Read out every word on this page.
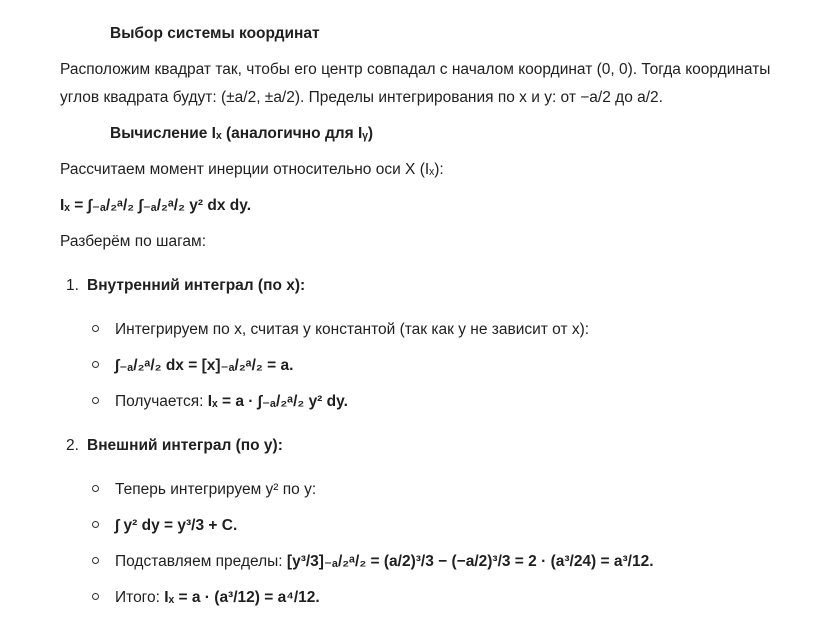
Выбор системы координат
Расположим квадрат так, чтобы его центр совпадал с началом координат (0, 0). Тогда координаты
углов квадрата будут: (±a/2, ±a/2). Пределы интегрирования по x и y: от −a/2 до a/2.
Вычисление Iₓ (аналогично для Iᵧ)
Рассчитаем момент инерции относительно оси X (Iₓ):
Iₓ = ∫₋ₐ/₂ᵃ/₂ ∫₋ₐ/₂ᵃ/₂ y² dx dy.
Разберём по шагам:
1. Внутренний интеграл (по x):
Интегрируем по x, считая y константой (так как y не зависит от x):
∫₋ₐ/₂ᵃ/₂ dx = [x]₋ₐ/₂ᵃ/₂ = a.
Получается: Iₓ = a · ∫₋ₐ/₂ᵃ/₂ y² dy.
2. Внешний интеграл (по y):
Теперь интегрируем y² по y:
∫ y² dy = y³/3 + C.
Подставляем пределы: [y³/3]₋ₐ/₂ᵃ/₂ = (a/2)³/3 − (−a/2)³/3 = 2 · (a³/24) = a³/12.
Итого: Iₓ = a · (a³/12) = a⁴/12.
